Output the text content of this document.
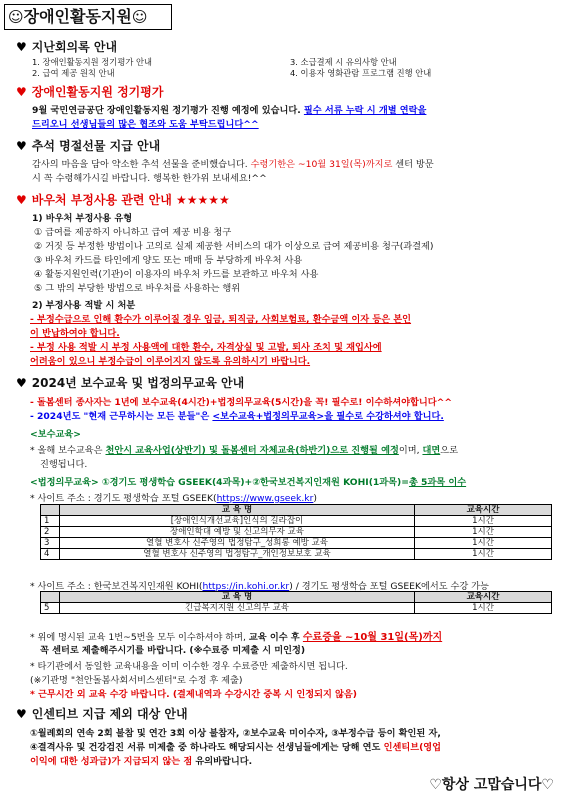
☺장애인활동지원☺
♥ 지난회의록 안내
1. 장애인활동지원 정기평가 안내	3. 소급결제 시 유의사항 안내
2. 급여 제공 원칙 안내	4. 이용자 영화관람 프로그램 진행 안내
♥ 장애인활동지원 정기평가
9월 국민연금공단 장애인활동지원 정기평가 진행 예정에 있습니다. 필수 서류 누락 시 개별 연락을
드리오니 선생님들의 많은 협조와 도움 부탁드립니다^^
♥ 추석 명절선물 지급 안내
감사의 마음을 담아 약소한 추석 선물을 준비했습니다. 수령기한은 ~10월 31일(목)까지로 센터 방문
시 꼭 수령해가시길 바랍니다. 행복한 한가위 보내세요!^^
♥ 바우처 부정사용 관련 안내 ★★★★★
1) 바우처 부정사용 유형
① 급여를 제공하지 아니하고 급여 제공 비용 청구
② 거짓 등 부정한 방법이나 고의로 실제 제공한 서비스의 대가 이상으로 급여 제공비용 청구(과결제)
③ 바우처 카드를 타인에게 양도 또는 매매 등 부당하게 바우처 사용
④ 활동지원인력(기관)이 이용자의 바우처 카드를 보관하고 바우처 사용
⑤ 그 밖의 부당한 방법으로 바우처를 사용하는 행위
2) 부정사용 적발 시 처분
- 부정수급으로 인해 환수가 이루어질 경우 임금, 퇴직금, 사회보험료, 환수금액 이자 등은 본인
이 반납하여야 합니다.
- 부정 사용 적발 시 부정 사용액에 대한 환수, 자격상실 및 고발, 퇴사 조치 및 재입사에
어려움이 있으니 부정수급이 이루어지지 않도록 유의하시기 바랍니다.
♥ 2024년 보수교육 및 법정의무교육 안내
- 돌봄센터 종사자는 1년에 보수교육(4시간)+법정의무교육(5시간)을 꼭! 필수로! 이수하셔야합니다^^
- 2024년도 "현재 근무하시는 모든 분들"은 <보수교육+법정의무교육>을 필수로 수강하셔야 합니다.
<보수교육>
* 올해 보수교육은 천안시 교육사업(상반기) 및 돌봄센터 자체교육(하반기)으로 진행될 예정이며, 대면으로
진행됩니다.
<법정의무교육> ①경기도 평생학습 GSEEK(4과목)+②한국보건복지인재원 KOHI(1과목)=총 5과목 이수
* 사이트 주소 : 경기도 평생학습 포털 GSEEK(https://www.gseek.kr)
	교 육 명	교육시간
1	[장애인식개선교육]인식의 길라잡이	1시간
2	장애인학대 예방 및 신고의무자 교육	1시간
3	열혈 변호사 신주영의 법정탐구_성희롱 예방 교육	1시간
4	열혈 변호사 신주영의 법정탐구_개인정보보호 교육	1시간
* 사이트 주소 : 한국보건복지인재원 KOHI(https://in.kohi.or.kr) / 경기도 평생학습 포털 GSEEK에서도 수강 가능
	교 육 명	교육시간
5	긴급복지지원 신고의무 교육	1시간
* 위에 명시된 교육 1번~5번을 모두 이수하셔야 하며, 교육 이수 후 수료증을 ~10월 31일(목)까지
꼭 센터로 제출해주시기를 바랍니다. (※수료증 미제출 시 미인정)
* 타기관에서 동일한 교육내용을 이미 이수한 경우 수료증만 제출하시면 됩니다.
(※기관명 "천안돌봄사회서비스센터"로 수정 후 제출)
* 근무시간 외 교육 수강 바랍니다. (결제내역과 수강시간 중복 시 인정되지 않음)
♥ 인센티브 지급 제외 대상 안내
①월례회의 연속 2회 불참 및 연간 3회 이상 불참자, ②보수교육 미이수자, ③부정수급 등이 확인된 자,
④결격사유 및 건강검진 서류 미제출 중 하나라도 해당되시는 선생님들에게는 당해 연도 인센티브(영업
이익에 대한 성과급)가 지급되지 않는 점 유의바랍니다.
♡항상 고맙습니다♡
